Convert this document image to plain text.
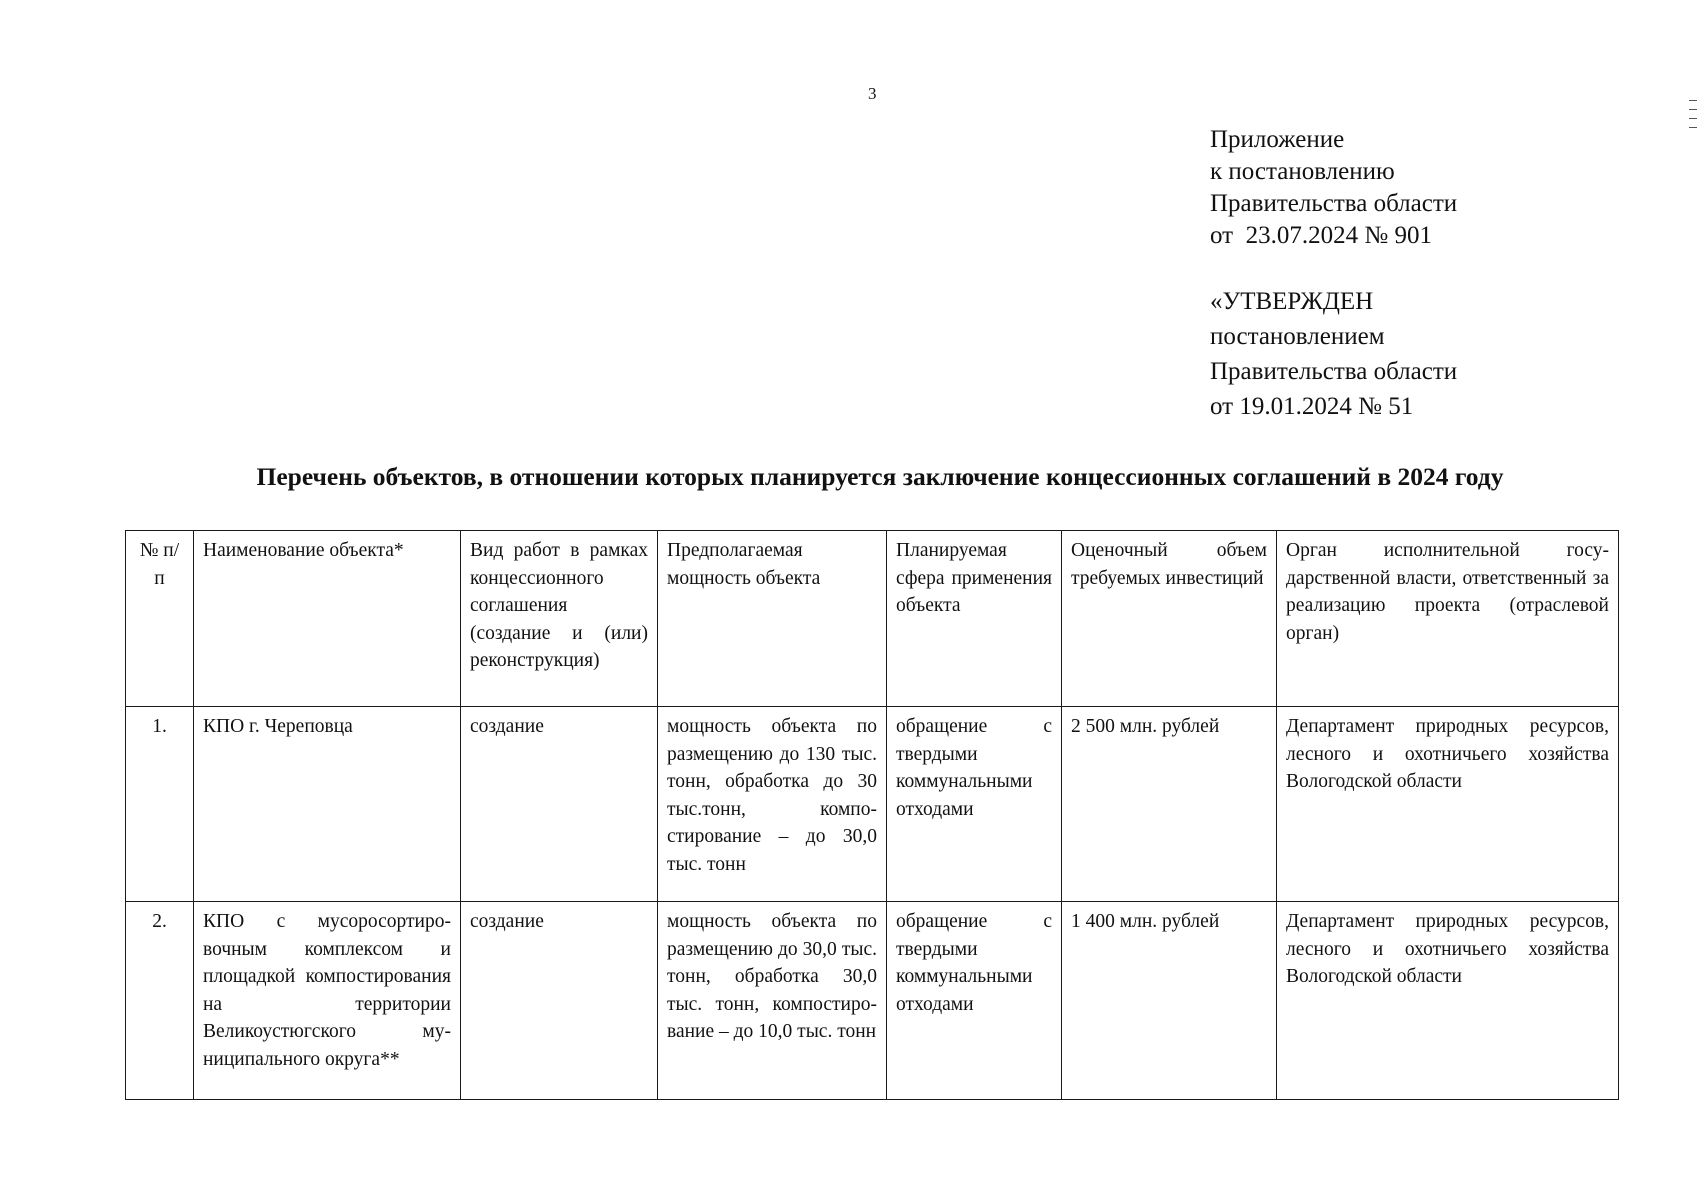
3
Приложение
к постановлению
Правительства области
от  23.07.2024 № 901
«УТВЕРЖДЕН
постановлением
Правительства области
от 19.01.2024 № 51
Перечень объектов, в отношении которых планируется заключение концессионных соглашений в 2024 году
№ п/п	Наименование объекта*	Вид работ в рамках концессионного соглашения (создание и (или) реконструкция)	Предполагаемая мощность объекта	Планируемая сфера применения объекта	Оценочный объем требуемых инвестиций	Орган исполнительной государственной власти, ответственный за реализацию проекта (отраслевой орган)
1.	КПО г. Череповца	создание	мощность объекта по размещению до 130 тыс. тонн, обработка до 30 тыс.тонн, компостирование – до 30,0 тыс. тонн	обращение с твердыми коммунальными отходами	2 500 млн. рублей	Департамент природных ресурсов, лесного и охотничьего хозяйства Вологодской области
2.	КПО с мусоросортировочным комплексом и площадкой компостирования на территории Великоустюгского муниципального округа**	создание	мощность объекта по размещению до 30,0 тыс. тонн, обработка 30,0 тыс. тонн, компостирование – до 10,0 тыс. тонн	обращение с твердыми коммунальными отходами	1 400 млн. рублей	Департамент природных ресурсов, лесного и охотничьего хозяйства Вологодской области
